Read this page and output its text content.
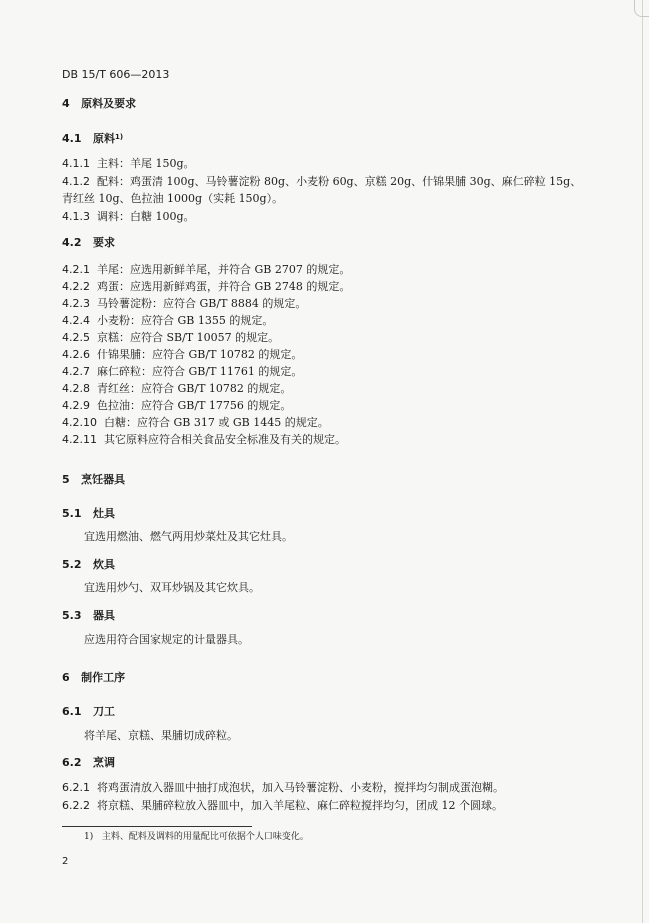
DB 15/T 606—2013
4 原料及要求
4.1 原料$^{1)}$
4.1.1 主料：羊尾 150g。
4.1.2 配料：鸡蛋清 100g、马铃薯淀粉 80g、小麦粉 60g、京糕 20g、什锦果脯 30g、麻仁碎粒 15g、
青红丝 10g、色拉油 1000g（实耗 150g）。
4.1.3 调料：白糖 100g。
4.2 要求
4.2.1 羊尾：应选用新鲜羊尾，并符合 GB 2707 的规定。
4.2.2 鸡蛋：应选用新鲜鸡蛋，并符合 GB 2748 的规定。
4.2.3 马铃薯淀粉：应符合 GB/T 8884 的规定。
4.2.4 小麦粉：应符合 GB 1355 的规定。
4.2.5 京糕：应符合 SB/T 10057 的规定。
4.2.6 什锦果脯：应符合 GB/T 10782 的规定。
4.2.7 麻仁碎粒：应符合 GB/T 11761 的规定。
4.2.8 青红丝：应符合 GB/T 10782 的规定。
4.2.9 色拉油：应符合 GB/T 17756 的规定。
4.2.10 白糖：应符合 GB 317 或 GB 1445 的规定。
4.2.11 其它原料应符合相关食品安全标准及有关的规定。
5 烹饪器具
5.1 灶具
宜选用燃油、燃气两用炒菜灶及其它灶具。
5.2 炊具
宜选用炒勺、双耳炒锅及其它炊具。
5.3 器具
应选用符合国家规定的计量器具。
6 制作工序
6.1 刀工
将羊尾、京糕、果脯切成碎粒。
6.2 烹调
6.2.1 将鸡蛋清放入器皿中抽打成泡状，加入马铃薯淀粉、小麦粉，搅拌均匀制成蛋泡糊。
6.2.2 将京糕、果脯碎粒放入器皿中，加入羊尾粒、麻仁碎粒搅拌均匀，团成 12 个圆球。
1) 主料、配料及调料的用量配比可依据个人口味变化。
2
